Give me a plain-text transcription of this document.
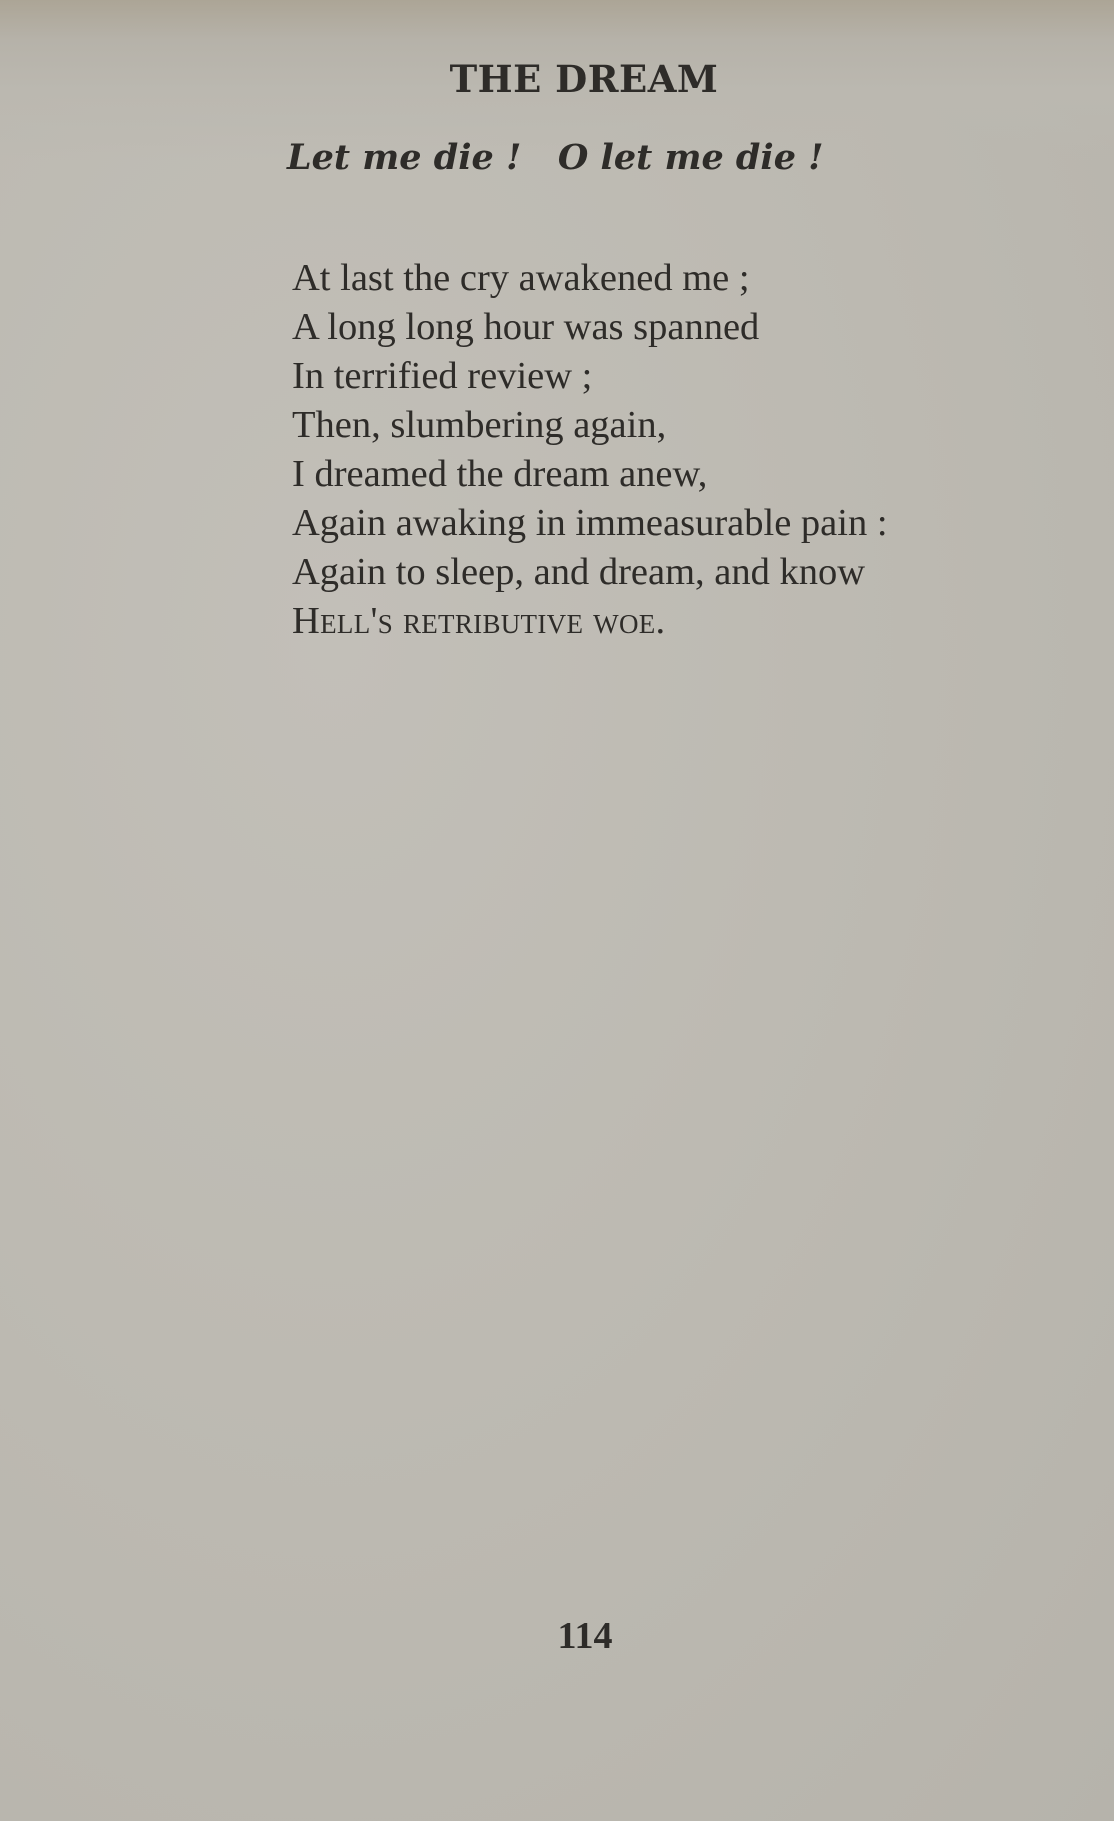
THE DREAM

Let me die !   O let me die !

At last the cry awakened me ;
A long long hour was spanned
In terrified review ;
Then, slumbering again,
I dreamed the dream anew,
Again awaking in immeasurable pain :
Again to sleep, and dream, and know
Hell's retributive woe.
114
